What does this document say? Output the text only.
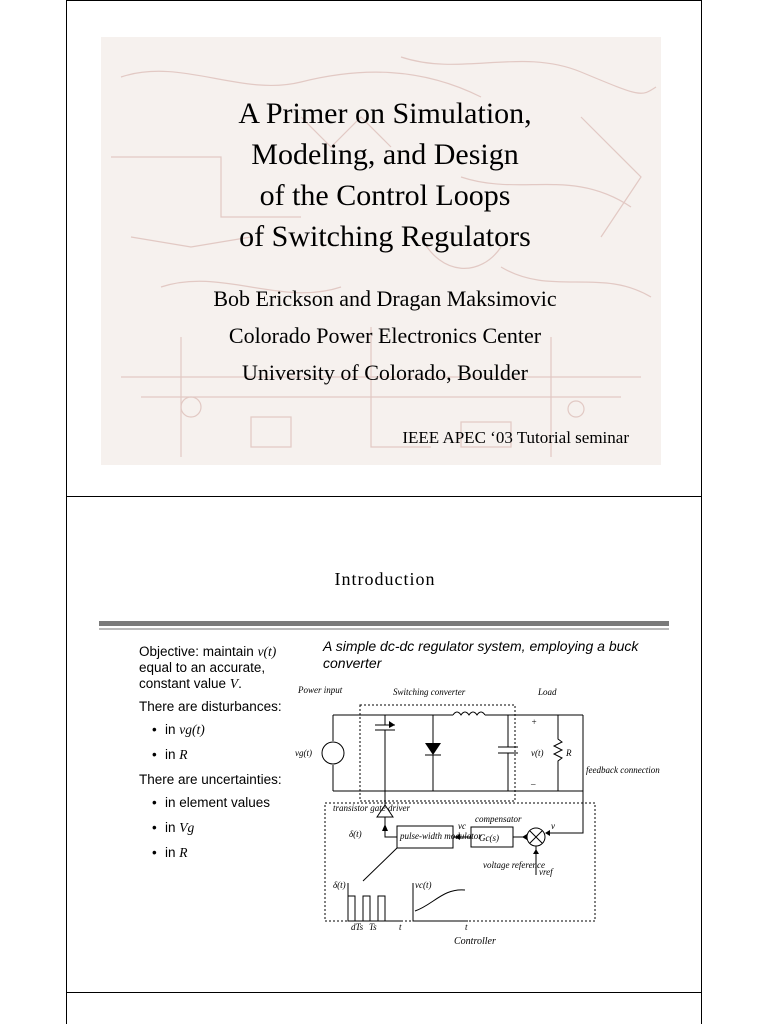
A Primer on Simulation,
Modeling, and Design
of the Control Loops
of Switching Regulators
Bob Erickson and Dragan Maksimovic
Colorado Power Electronics Center
University of Colorado, Boulder
IEEE APEC ‘03 Tutorial seminar
Introduction

Objective: maintain v(t) equal to an accurate, constant value V.

There are disturbances:

• in vg(t)
• in R

There are uncertainties:

• in element values
• in Vg
• in R
A simple dc-dc regulator system, employing a buck converter
Power input	Switching converter	Load
vg(t)	v(t)	R
+
–
feedback connection
transistor gate driver
δ(t)	pulse-width modulator
vc
compensator
Gc(s)
v
voltage reference
vref
δ(t)	vc(t)
dTs Ts t	t
Controller
